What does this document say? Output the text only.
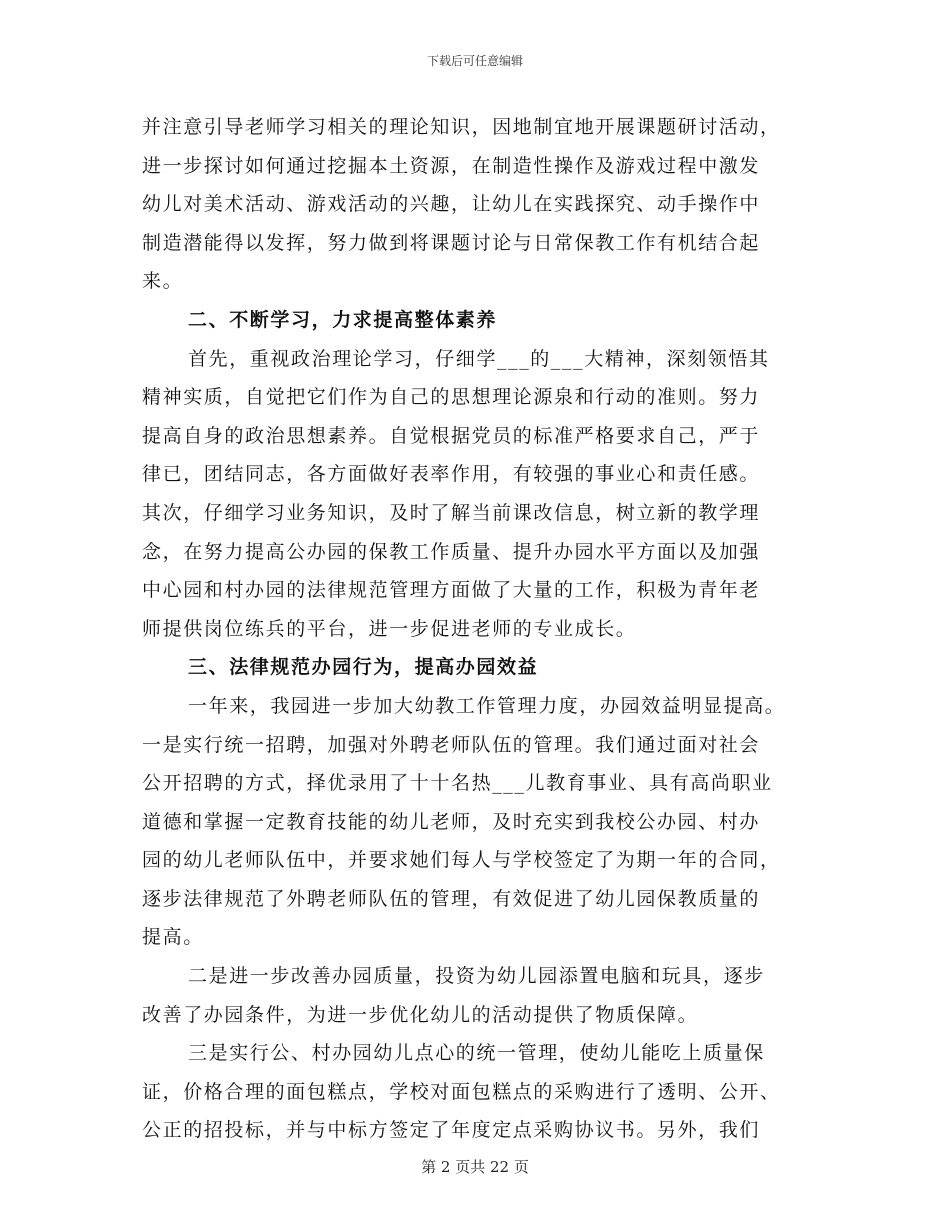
下载后可任意编辑
并注意引导老师学习相关的理论知识，因地制宜地开展课题研讨活动，
进一步探讨如何通过挖掘本土资源，在制造性操作及游戏过程中激发
幼儿对美术活动、游戏活动的兴趣，让幼儿在实践探究、动手操作中
制造潜能得以发挥，努力做到将课题讨论与日常保教工作有机结合起
来。
二、不断学习，力求提高整体素养
首先，重视政治理论学习，仔细学___的___大精神，深刻领悟其
精神实质，自觉把它们作为自己的思想理论源泉和行动的准则。努力
提高自身的政治思想素养。自觉根据党员的标准严格要求自己，严于
律已，团结同志，各方面做好表率作用，有较强的事业心和责任感。
其次，仔细学习业务知识，及时了解当前课改信息，树立新的教学理
念，在努力提高公办园的保教工作质量、提升办园水平方面以及加强
中心园和村办园的法律规范管理方面做了大量的工作，积极为青年老
师提供岗位练兵的平台，进一步促进老师的专业成长。
三、法律规范办园行为，提高办园效益
一年来，我园进一步加大幼教工作管理力度，办园效益明显提高。
一是实行统一招聘，加强对外聘老师队伍的管理。我们通过面对社会
公开招聘的方式，择优录用了十十名热___儿教育事业、具有高尚职业
道德和掌握一定教育技能的幼儿老师，及时充实到我校公办园、村办
园的幼儿老师队伍中，并要求她们每人与学校签定了为期一年的合同，
逐步法律规范了外聘老师队伍的管理，有效促进了幼儿园保教质量的
提高。
二是进一步改善办园质量，投资为幼儿园添置电脑和玩具，逐步
改善了办园条件，为进一步优化幼儿的活动提供了物质保障。
三是实行公、村办园幼儿点心的统一管理，使幼儿能吃上质量保
证，价格合理的面包糕点，学校对面包糕点的采购进行了透明、公开、
公正的招投标，并与中标方签定了年度定点采购协议书。另外，我们
第 2 页共 22 页
